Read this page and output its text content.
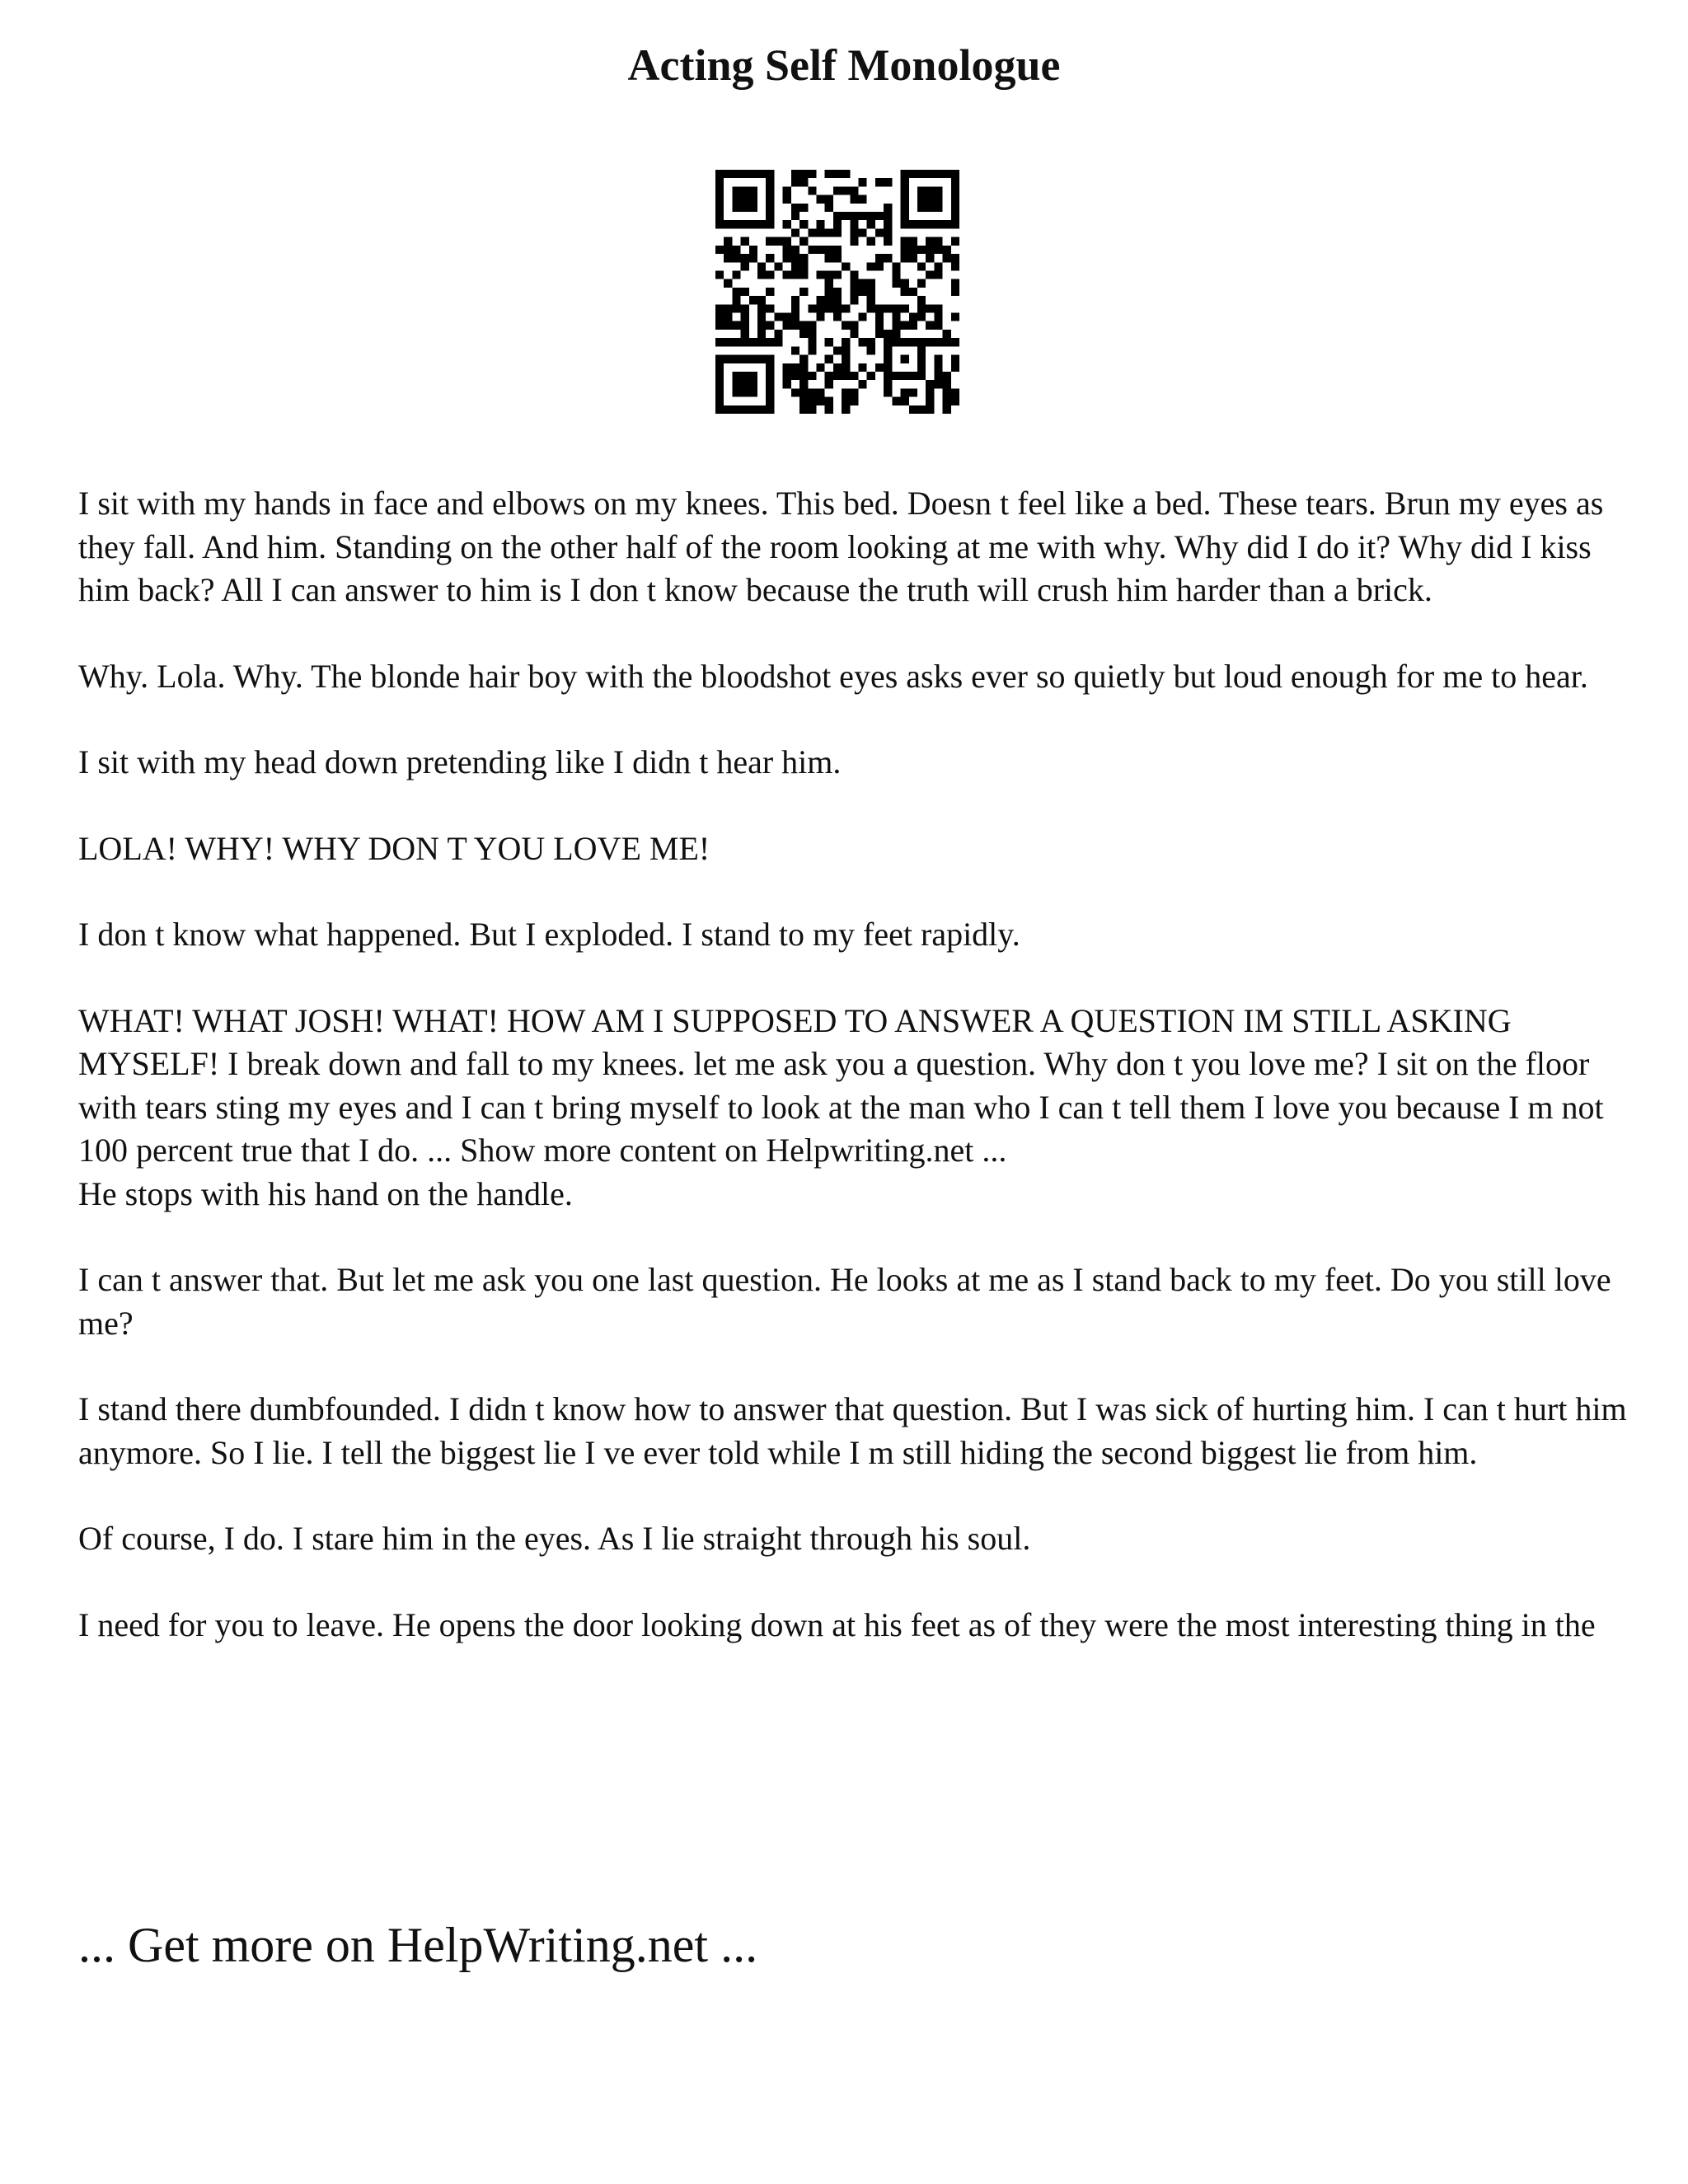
Acting Self Monologue

I sit with my hands in face and elbows on my knees. This bed. Doesn t feel like a bed. These tears. Brun my eyes as they fall. And him. Standing on the other half of the room looking at me with why. Why did I do it? Why did I kiss him back? All I can answer to him is I don t know because the truth will crush him harder than a brick.

Why. Lola. Why. The blonde hair boy with the bloodshot eyes asks ever so quietly but loud enough for me to hear.

I sit with my head down pretending like I didn t hear him.

LOLA! WHY! WHY DON T YOU LOVE ME!

I don t know what happened. But I exploded. I stand to my feet rapidly.

WHAT! WHAT JOSH! WHAT! HOW AM I SUPPOSED TO ANSWER A QUESTION IM STILL ASKING MYSELF! I break down and fall to my knees. let me ask you a question. Why don t you love me? I sit on the floor with tears sting my eyes and I can t bring myself to look at the man who I can t tell them I love you because I m not 100 percent true that I do. ... Show more content on Helpwriting.net ...

He stops with his hand on the handle.

I can t answer that. But let me ask you one last question. He looks at me as I stand back to my feet. Do you still love me?

I stand there dumbfounded. I didn t know how to answer that question. But I was sick of hurting him. I can t hurt him anymore. So I lie. I tell the biggest lie I ve ever told while I m still hiding the second biggest lie from him.

Of course, I do. I stare him in the eyes. As I lie straight through his soul.

I need for you to leave. He opens the door looking down at his feet as of they were the most interesting thing in the

... Get more on HelpWriting.net ...
